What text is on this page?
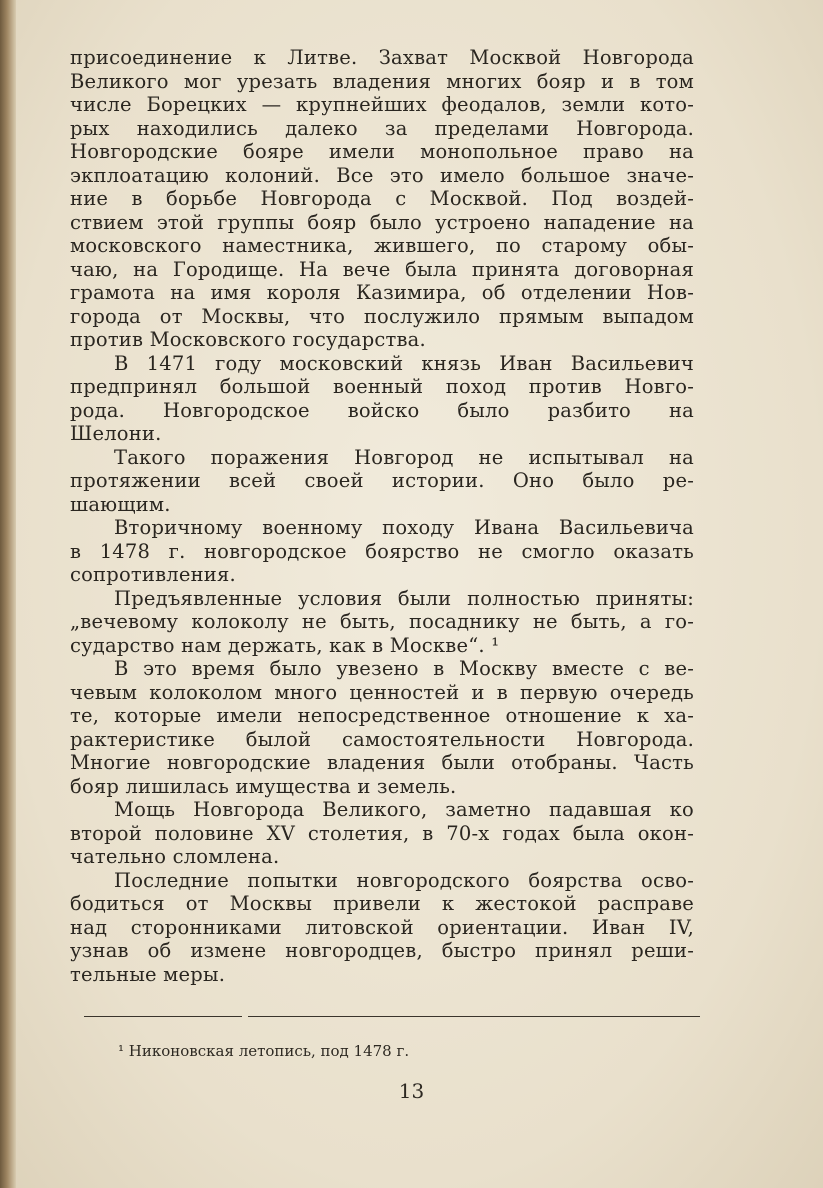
присоединение к Литве. Захват Москвой Новгорода
Великого мог урезать владения многих бояр и в том
числе Борецких — крупнейших феодалов, земли кото-
рых находились далеко за пределами Новгорода.
Новгородские бояре имели монопольное право на
экплоатацию колоний. Все это имело большое значе-
ние в борьбе Новгорода с Москвой. Под воздей-
ствием этой группы бояр было устроено нападение на
московского наместника, жившего, по старому обы-
чаю, на Городище. На вече была принята договорная
грамота на имя короля Казимира, об отделении Нов-
города от Москвы, что послужило прямым выпадом
против Московского государства.
В 1471 году московский князь Иван Васильевич
предпринял большой военный поход против Новго-
рода. Новгородское войско было разбито на
Шелони.
Такого поражения Новгород не испытывал на
протяжении всей своей истории. Оно было ре-
шающим.
Вторичному военному походу Ивана Васильевича
в 1478 г. новгородское боярство не смогло оказать
сопротивления.
Предъявленные условия были полностью приняты:
„вечевому колоколу не быть, посаднику не быть, а го-
сударство нам держать, как в Москве“. ¹
В это время было увезено в Москву вместе с ве-
чевым колоколом много ценностей и в первую очередь
те, которые имели непосредственное отношение к ха-
рактеристике былой самостоятельности Новгорода.
Многие новгородские владения были отобраны. Часть
бояр лишилась имущества и земель.
Мощь Новгорода Великого, заметно падавшая ко
второй половине XV столетия, в 70-х годах была окон-
чательно сломлена.
Последние попытки новгородского боярства осво-
бодиться от Москвы привели к жестокой расправе
над сторонниками литовской ориентации. Иван IV,
узнав об измене новгородцев, быстро принял реши-
тельные меры.
¹ Никоновская летопись, под 1478 г.
13
